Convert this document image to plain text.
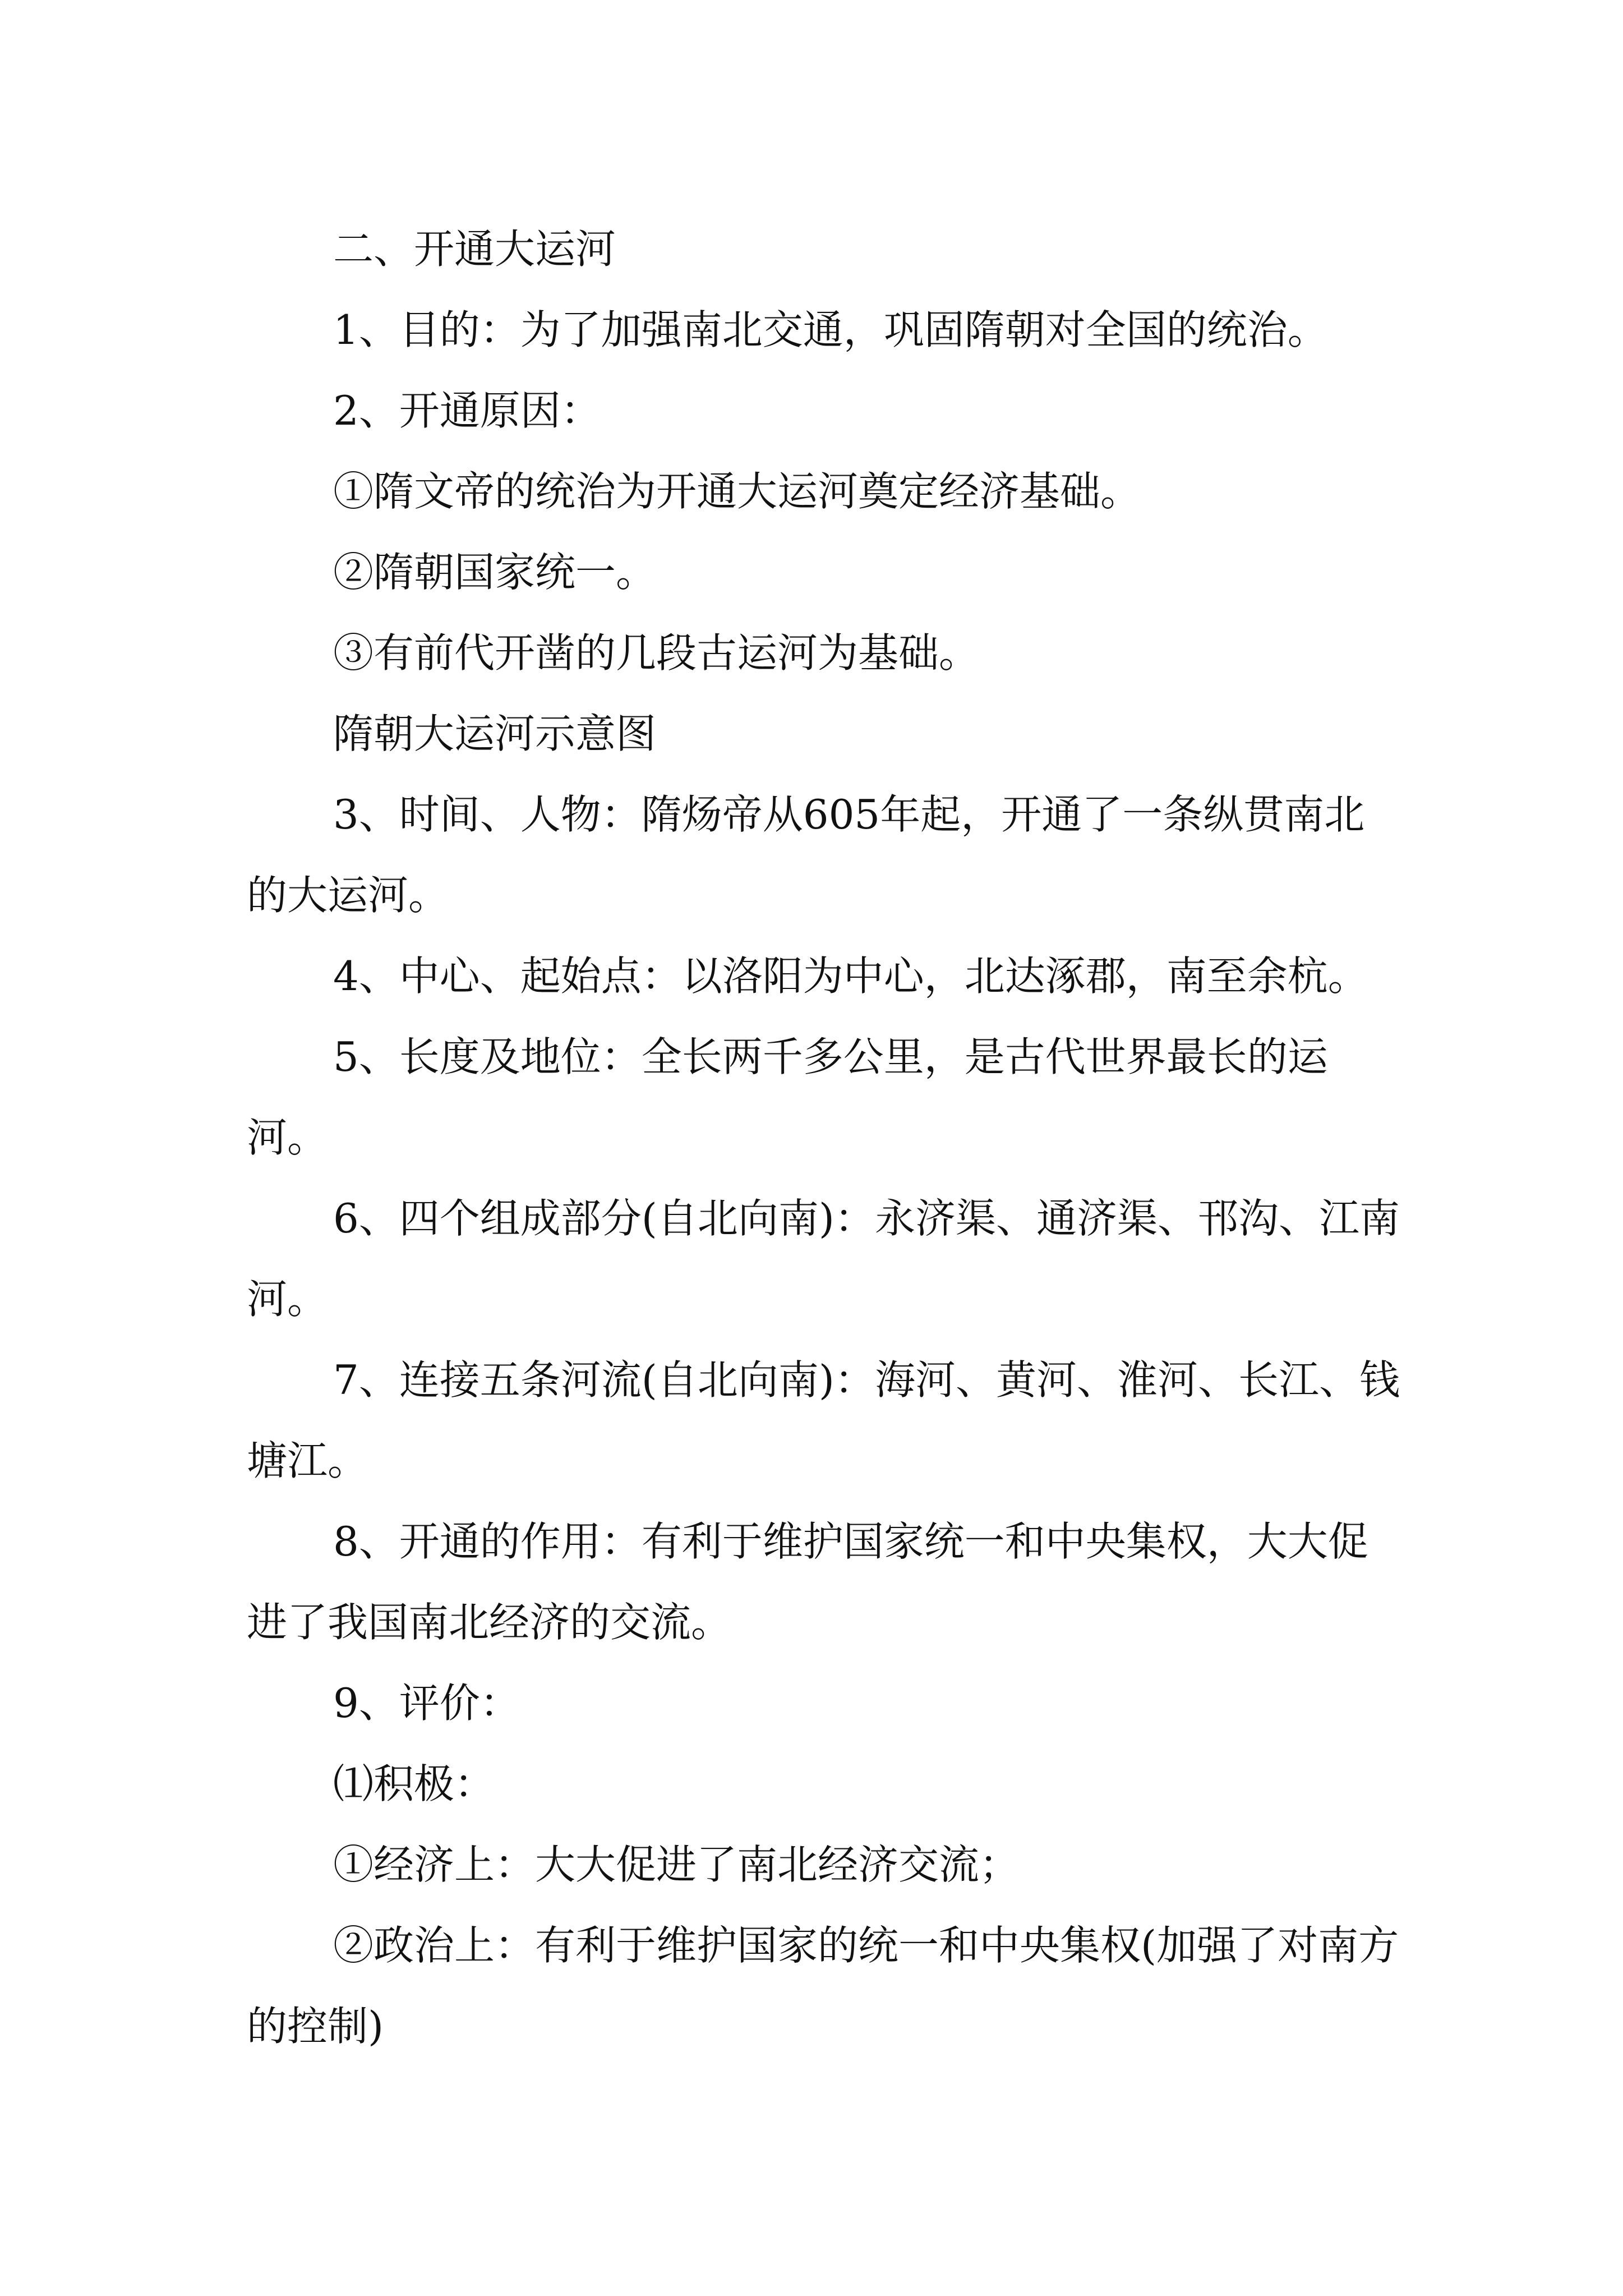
二、开通大运河

1、目的：为了加强南北交通，巩固隋朝对全国的统治。

2、开通原因：

①隋文帝的统治为开通大运河奠定经济基础。

②隋朝国家统一。

③有前代开凿的几段古运河为基础。

隋朝大运河示意图

3、时间、人物：隋炀帝从605年起，开通了一条纵贯南北的大运河。

4、中心、起始点：以洛阳为中心，北达涿郡，南至余杭。

5、长度及地位：全长两千多公里，是古代世界最长的运河。

6、四个组成部分(自北向南)：永济渠、通济渠、邗沟、江南河。

7、连接五条河流(自北向南)：海河、黄河、淮河、长江、钱塘江。

8、开通的作用：有利于维护国家统一和中央集权，大大促进了我国南北经济的交流。

9、评价：

⑴积极：

①经济上：大大促进了南北经济交流；

②政治上：有利于维护国家的统一和中央集权(加强了对南方的控制)
